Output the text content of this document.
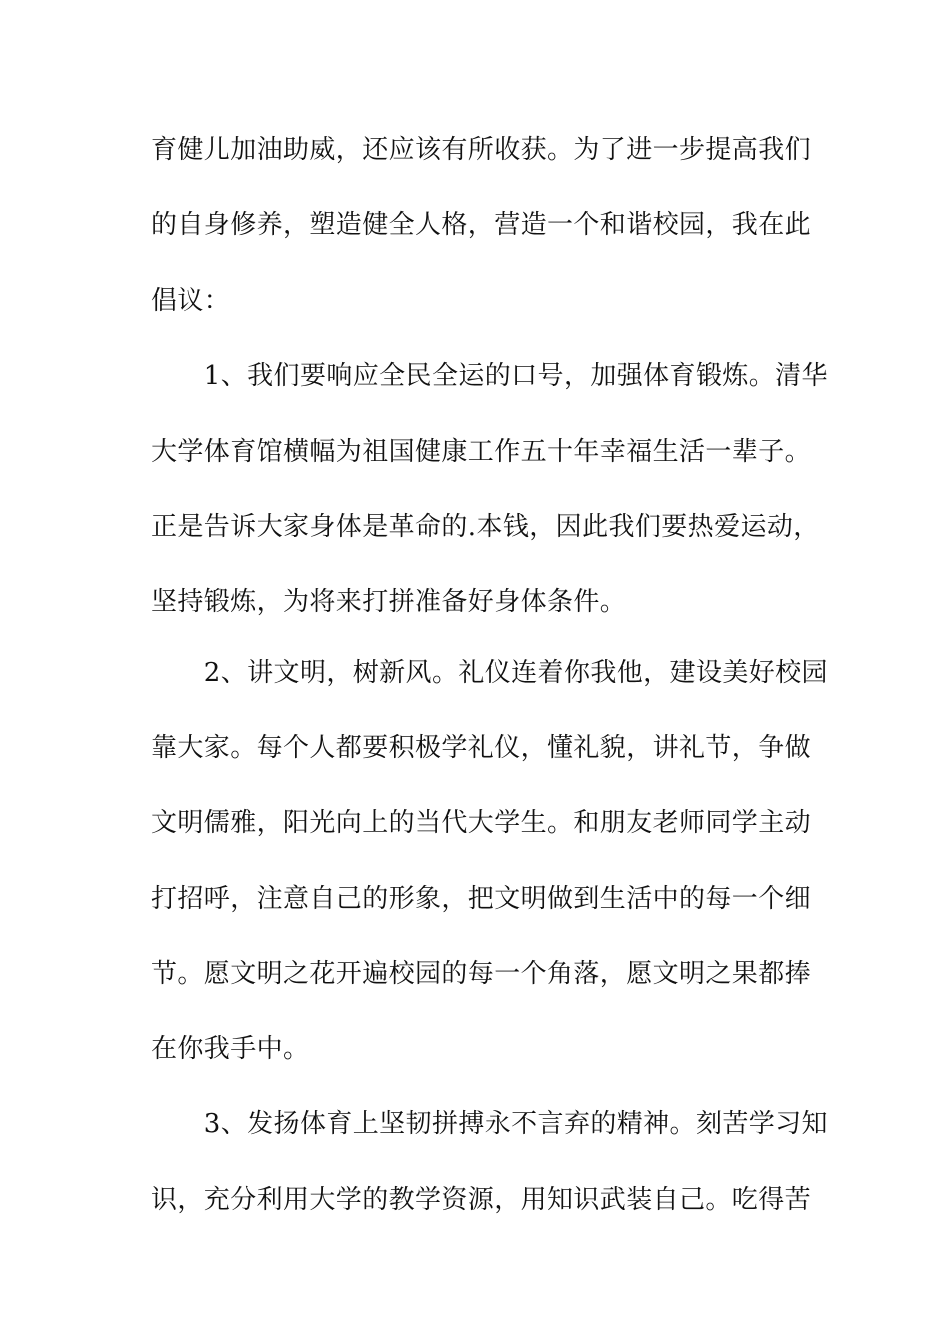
育健儿加油助威，还应该有所收获。为了进一步提高我们
的自身修养，塑造健全人格，营造一个和谐校园，我在此
倡议：
　　1、我们要响应全民全运的口号，加强体育锻炼。清华
大学体育馆横幅为祖国健康工作五十年幸福生活一辈子。
正是告诉大家身体是革命的.本钱，因此我们要热爱运动，
坚持锻炼，为将来打拼准备好身体条件。
　　2、讲文明，树新风。礼仪连着你我他，建设美好校园
靠大家。每个人都要积极学礼仪，懂礼貌，讲礼节，争做
文明儒雅，阳光向上的当代大学生。和朋友老师同学主动
打招呼，注意自己的形象，把文明做到生活中的每一个细
节。愿文明之花开遍校园的每一个角落，愿文明之果都捧
在你我手中。
　　3、发扬体育上坚韧拼搏永不言弃的精神。刻苦学习知
识，充分利用大学的教学资源，用知识武装自己。吃得苦
